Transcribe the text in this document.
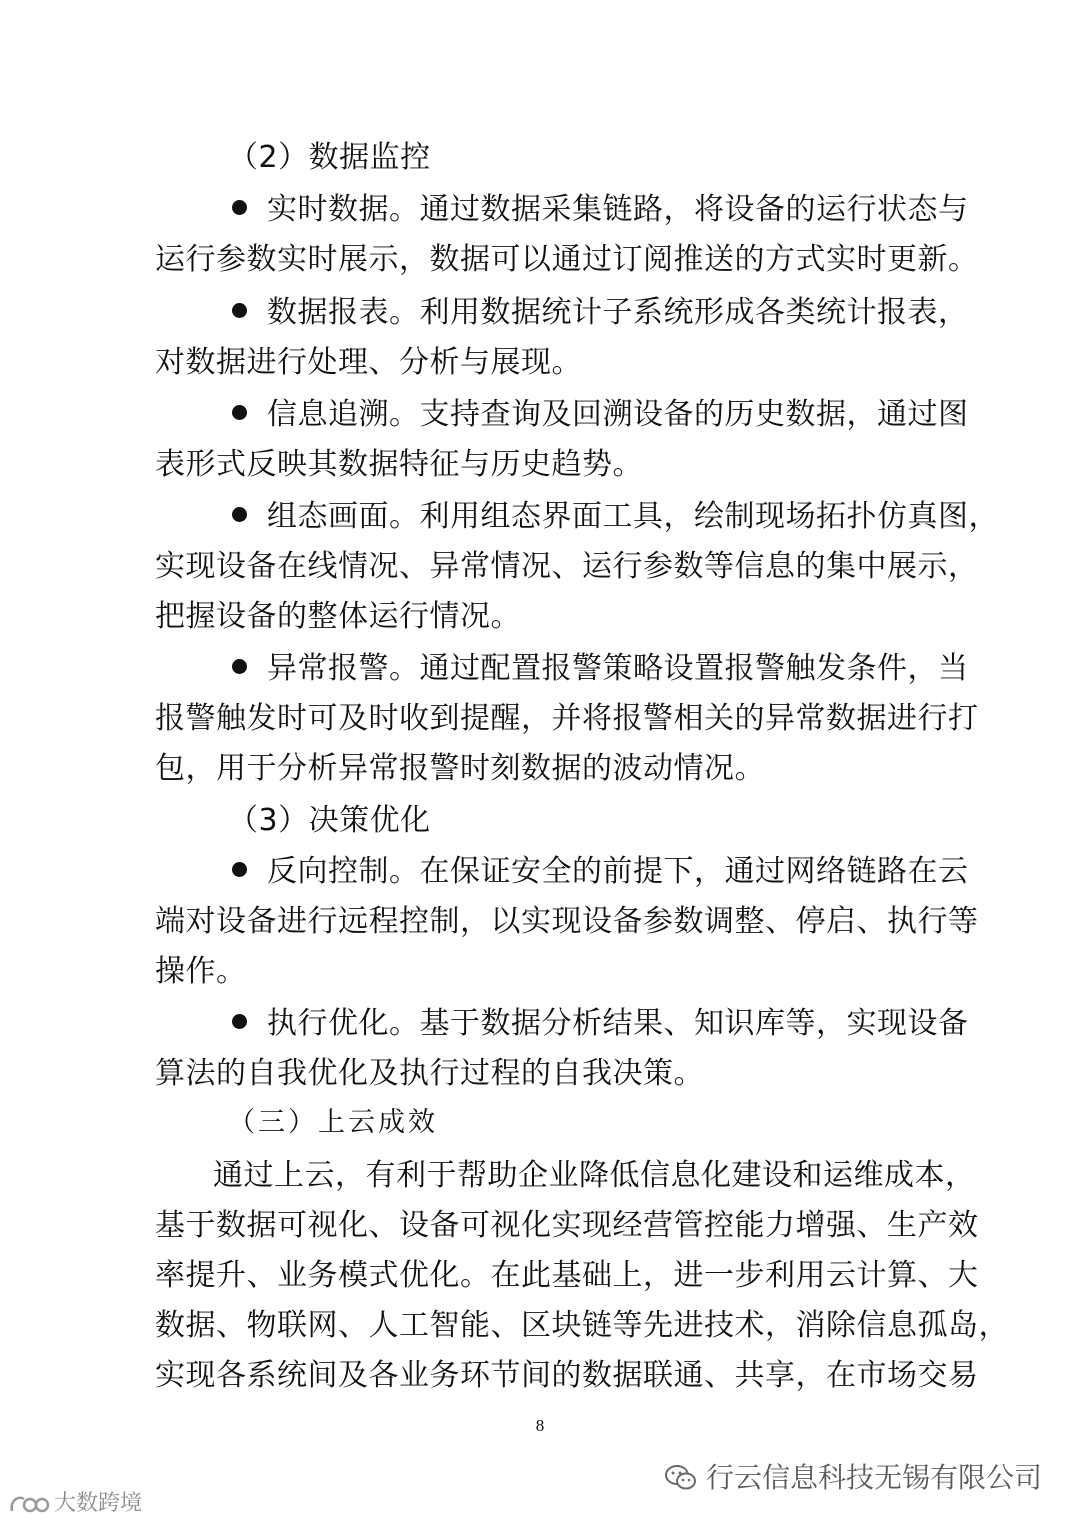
（2）数据监控
实时数据。通过数据采集链路，将设备的运行状态与
运行参数实时展示，数据可以通过订阅推送的方式实时更新。
数据报表。利用数据统计子系统形成各类统计报表，
对数据进行处理、分析与展现。
信息追溯。支持查询及回溯设备的历史数据，通过图
表形式反映其数据特征与历史趋势。
组态画面。利用组态界面工具，绘制现场拓扑仿真图，
实现设备在线情况、异常情况、运行参数等信息的集中展示，
把握设备的整体运行情况。
异常报警。通过配置报警策略设置报警触发条件，当
报警触发时可及时收到提醒，并将报警相关的异常数据进行打
包，用于分析异常报警时刻数据的波动情况。
（3）决策优化
反向控制。在保证安全的前提下，通过网络链路在云
端对设备进行远程控制，以实现设备参数调整、停启、执行等
操作。
执行优化。基于数据分析结果、知识库等，实现设备
算法的自我优化及执行过程的自我决策。
（三）上云成效
通过上云，有利于帮助企业降低信息化建设和运维成本，
基于数据可视化、设备可视化实现经营管控能力增强、生产效
率提升、业务模式优化。在此基础上，进一步利用云计算、大
数据、物联网、人工智能、区块链等先进技术，消除信息孤岛，
实现各系统间及各业务环节间的数据联通、共享，在市场交易
8
行云信息科技无锡有限公司
大数跨境
